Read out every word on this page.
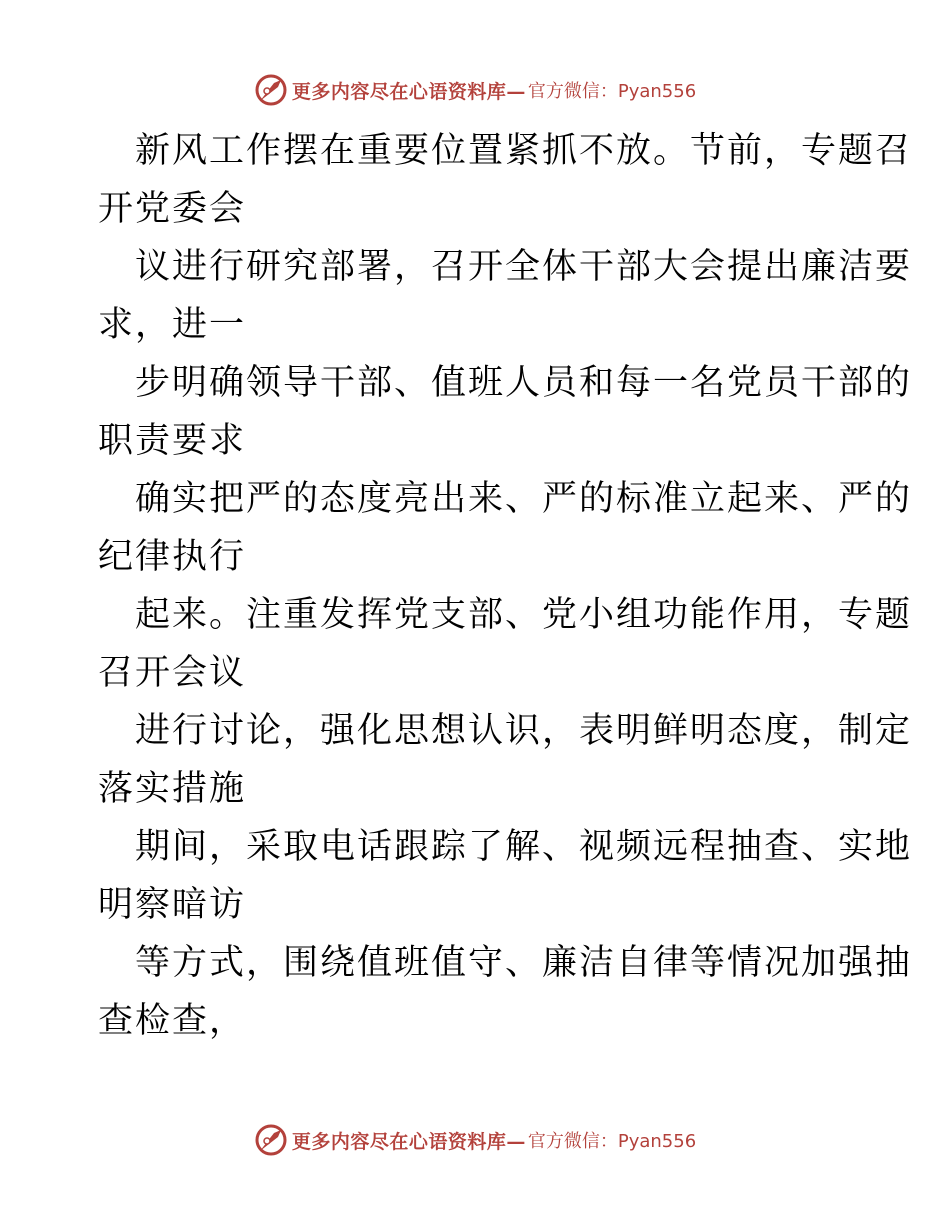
更多内容尽在心语资料库— 官方微信：Pyan556
新风工作摆在重要位置紧抓不放。节前，专题召
开党委会
议进行研究部署，召开全体干部大会提出廉洁要
求，进一
步明确领导干部、值班人员和每一名党员干部的
职责要求
确实把严的态度亮出来、严的标准立起来、严的
纪律执行
起来。注重发挥党支部、党小组功能作用，专题
召开会议
进行讨论，强化思想认识，表明鲜明态度，制定
落实措施
期间，采取电话跟踪了解、视频远程抽查、实地
明察暗访
等方式，围绕值班值守、廉洁自律等情况加强抽
查检查，
更多内容尽在心语资料库— 官方微信：Pyan556
